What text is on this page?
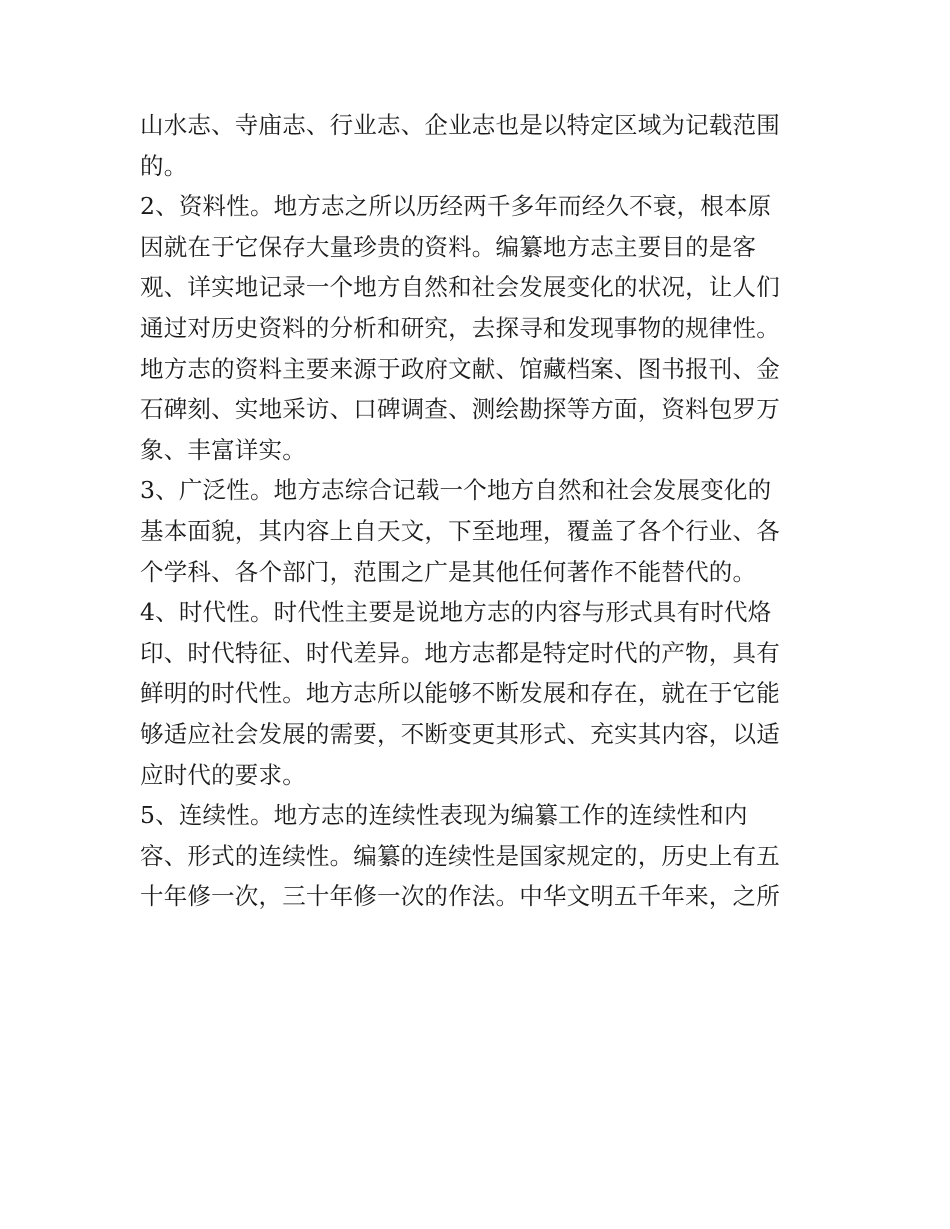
山水志、寺庙志、行业志、企业志也是以特定区域为记载范围
的。
2、资料性。地方志之所以历经两千多年而经久不衰，根本原
因就在于它保存大量珍贵的资料。编纂地方志主要目的是客
观、详实地记录一个地方自然和社会发展变化的状况，让人们
通过对历史资料的分析和研究，去探寻和发现事物的规律性。
地方志的资料主要来源于政府文献、馆藏档案、图书报刊、金
石碑刻、实地采访、口碑调查、测绘勘探等方面，资料包罗万
象、丰富详实。
3、广泛性。地方志综合记载一个地方自然和社会发展变化的
基本面貌，其内容上自天文，下至地理，覆盖了各个行业、各
个学科、各个部门，范围之广是其他任何著作不能替代的。
4、时代性。时代性主要是说地方志的内容与形式具有时代烙
印、时代特征、时代差异。地方志都是特定时代的产物，具有
鲜明的时代性。地方志所以能够不断发展和存在，就在于它能
够适应社会发展的需要，不断变更其形式、充实其内容，以适
应时代的要求。
5、连续性。地方志的连续性表现为编纂工作的连续性和内
容、形式的连续性。编纂的连续性是国家规定的，历史上有五
十年修一次，三十年修一次的作法。中华文明五千年来，之所
